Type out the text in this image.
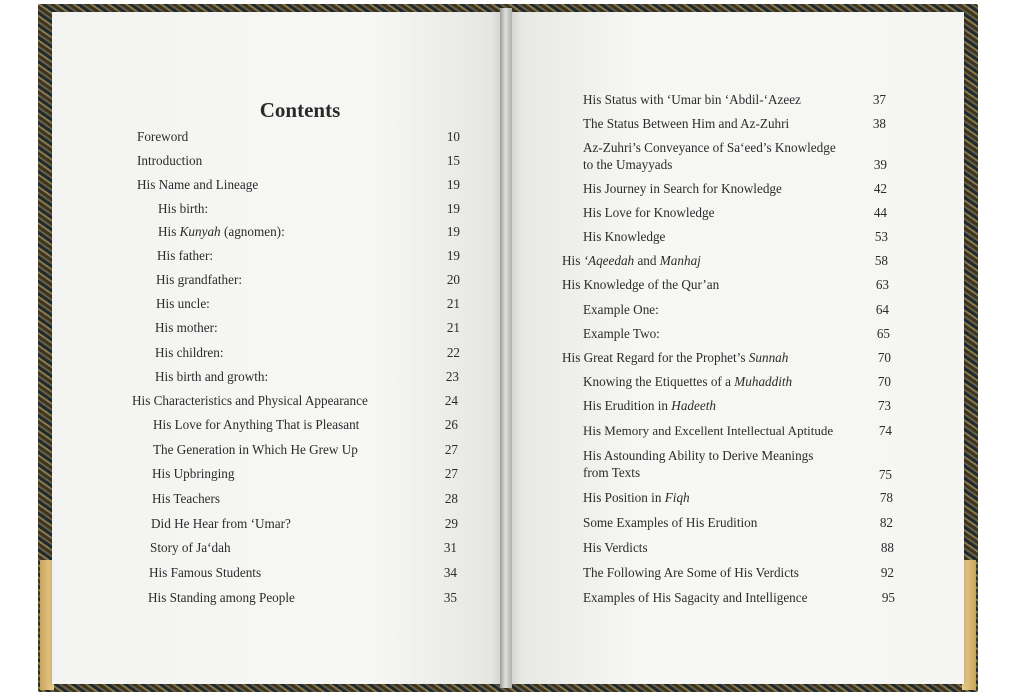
Contents
Foreword	10
Introduction	15
His Name and Lineage	19
His birth:	19
His Kunyah (agnomen):	19
His father:	19
His grandfather:	20
His uncle:	21
His mother:	21
His children:	22
His birth and growth:	23
His Characteristics and Physical Appearance	24
His Love for Anything That is Pleasant	26
The Generation in Which He Grew Up	27
His Upbringing	27
His Teachers	28
Did He Hear from ‘Umar?	29
Story of Ja‘dah	31
His Famous Students	34
His Standing among People	35
His Status with ‘Umar bin ‘Abdil-‘Azeez	37
The Status Between Him and Az-Zuhri	38
Az-Zuhri’s Conveyance of Sa‘eed’s Knowledge
to the Umayyads	39
His Journey in Search for Knowledge	42
His Love for Knowledge	44
His Knowledge	53
His ‘Aqeedah and Manhaj	58
His Knowledge of the Qur’an	63
Example One:	64
Example Two:	65
His Great Regard for the Prophet’s Sunnah	70
Knowing the Etiquettes of a Muhaddith	70
His Erudition in Hadeeth	73
His Memory and Excellent Intellectual Aptitude	74
His Astounding Ability to Derive Meanings
from Texts	75
His Position in Fiqh	78
Some Examples of His Erudition	82
His Verdicts	88
The Following Are Some of His Verdicts	92
Examples of His Sagacity and Intelligence	95
